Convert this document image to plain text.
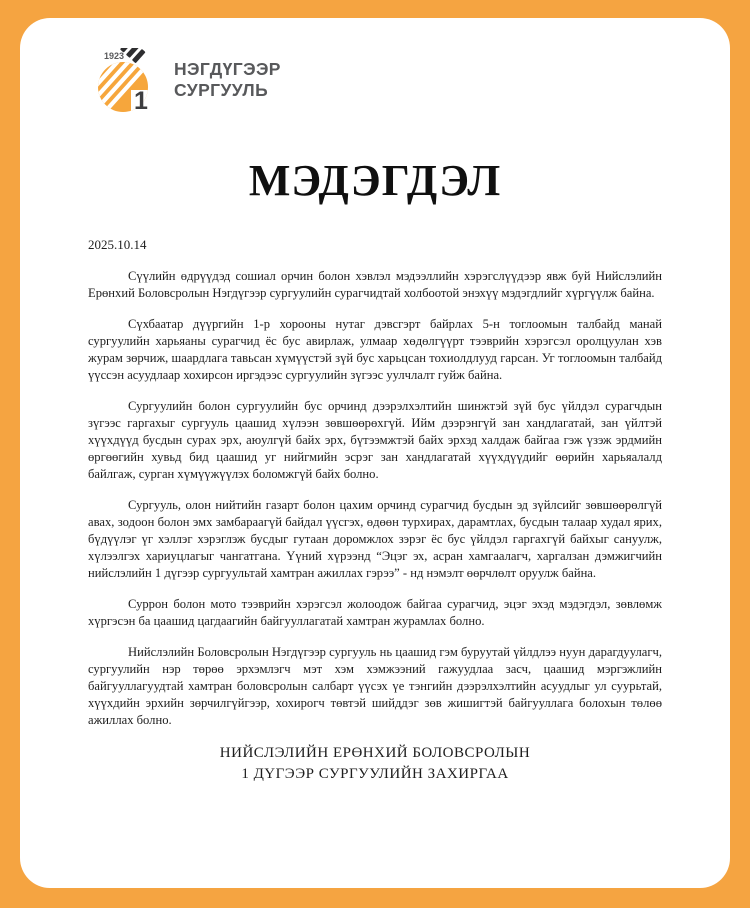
1923
1
НЭГДҮГЭЭР
СУРГУУЛЬ
МЭДЭГДЭЛ
2025.10.14

Сүүлийн өдрүүдэд сошиал орчин болон хэвлэл мэдээллийн хэрэгслүүдээр явж буй Нийслэлийн Ерөнхий Боловсролын Нэгдүгээр сургуулийн сурагчидтай холбоотой энэхүү мэдэгдлийг хүргүүлж байна.

Сүхбаатар дүүргийн 1-р хорооны нутаг дэвсгэрт байрлах 5-н тоглоомын талбайд манай сургуулийн харьяаны сурагчид ёс бус авирлаж, улмаар хөдөлгүүрт тээврийн хэрэгсэл оролцуулан хэв журам зөрчиж, шаардлага тавьсан хүмүүстэй зүй бус харьцсан тохиолдлууд гарсан. Уг тоглоомын талбайд үүссэн асуудлаар хохирсон иргэдээс сургуулийн зүгээс уулчлалт гуйж байна.

Сургуулийн болон сургуулийн бус орчинд дээрэлхэлтийн шинжтэй зүй бус үйлдэл сурагчдын зүгээс гаргахыг сургууль цаашид хүлээн зөвшөөрөхгүй. Ийм дээрэнгүй зан хандлагатай, зан үйлтэй хүүхдүүд бусдын сурах эрх, аюулгүй байх эрх, бүтээмжтэй байх эрхэд халдаж байгаа гэж үзэж эрдмийн өргөөгийн хувьд бид цаашид уг нийгмийн эсрэг зан хандлагатай хүүхдүүдийг өөрийн харьяалалд байлгаж, сурган хүмүүжүүлэх боломжгүй байх болно.

Сургууль, олон нийтийн газарт болон цахим орчинд сурагчид бусдын эд зүйлсийг зөвшөөрөлгүй авах, зодоон болон эмх замбараагүй байдал үүсгэх, өдөөн турхирах, дарамтлах, бусдын талаар худал ярих, бүдүүлэг үг хэллэг хэрэглэж бусдыг гутаан доромжлох зэрэг ёс бус үйлдэл гаргахгүй байхыг сануулж, хүлээлгэх хариуцлагыг чангатгана. Үүний хүрээнд “Эцэг эх, асран хамгаалагч, харгалзан дэмжигчийн нийслэлийн 1 дүгээр сургуультай хамтран ажиллах гэрээ” - нд нэмэлт өөрчлөлт оруулж байна.

Суррон болон мото тээврийн хэрэгсэл жолоодож байгаа сурагчид, эцэг эхэд мэдэгдэл, зөвлөмж хүргэсэн ба цаашид цагдаагийн байгууллагатай хамтран журамлах болно.

Нийслэлийн Боловсролын Нэгдүгээр сургууль нь цаашид гэм буруутай үйлдлээ нуун дарагдуулагч, сургуулийн нэр төрөө эрхэмлэгч мэт хэм хэмжээний гажуудлаа засч, цаашид мэргэжлийн байгууллагуудтай хамтран боловсролын салбарт үүсэх үе тэнгийн дээрэлхэлтийн асуудлыг ул суурьтай, хүүхдийн эрхийн зөрчилгүйгээр, хохирогч төвтэй шийддэг зөв жишигтэй байгууллага болохын төлөө ажиллах болно.

НИЙСЛЭЛИЙН ЕРӨНХИЙ БОЛОВСРОЛЫН
1 ДҮГЭЭР СУРГУУЛИЙН ЗАХИРГАА
